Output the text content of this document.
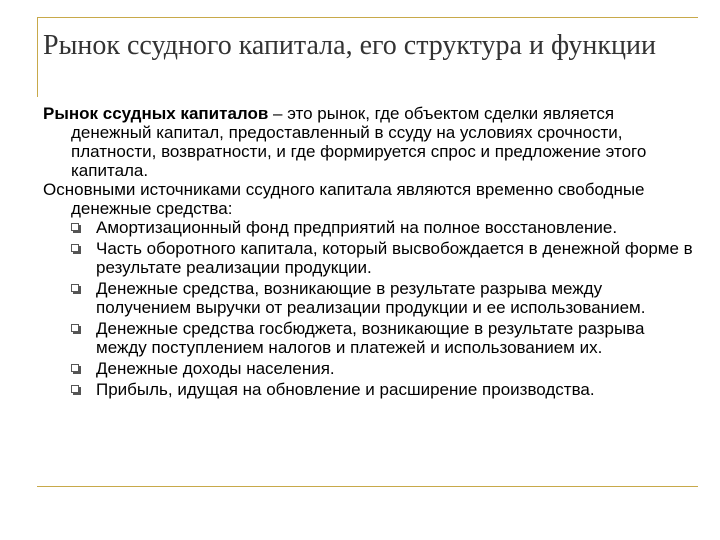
Рынок ссудного капитала, его структура и функции

Рынок ссудных капиталов – это рынок, где объектом сделки является денежный капитал, предоставленный в ссуду на условиях срочности, платности, возвратности, и где формируется спрос и предложение этого капитала.

Основными источниками ссудного капитала являются временно свободные денежные средства:

Амортизационный фонд предприятий на полное восстановление.
Часть оборотного капитала, который высвобождается в денежной форме в результате реализации продукции.
Денежные средства, возникающие в результате разрыва между получением выручки от реализации продукции и ее использованием.
Денежные средства госбюджета, возникающие в результате разрыва между поступлением налогов и платежей и использованием их.
Денежные доходы населения.
Прибыль, идущая на обновление и расширение производства.
